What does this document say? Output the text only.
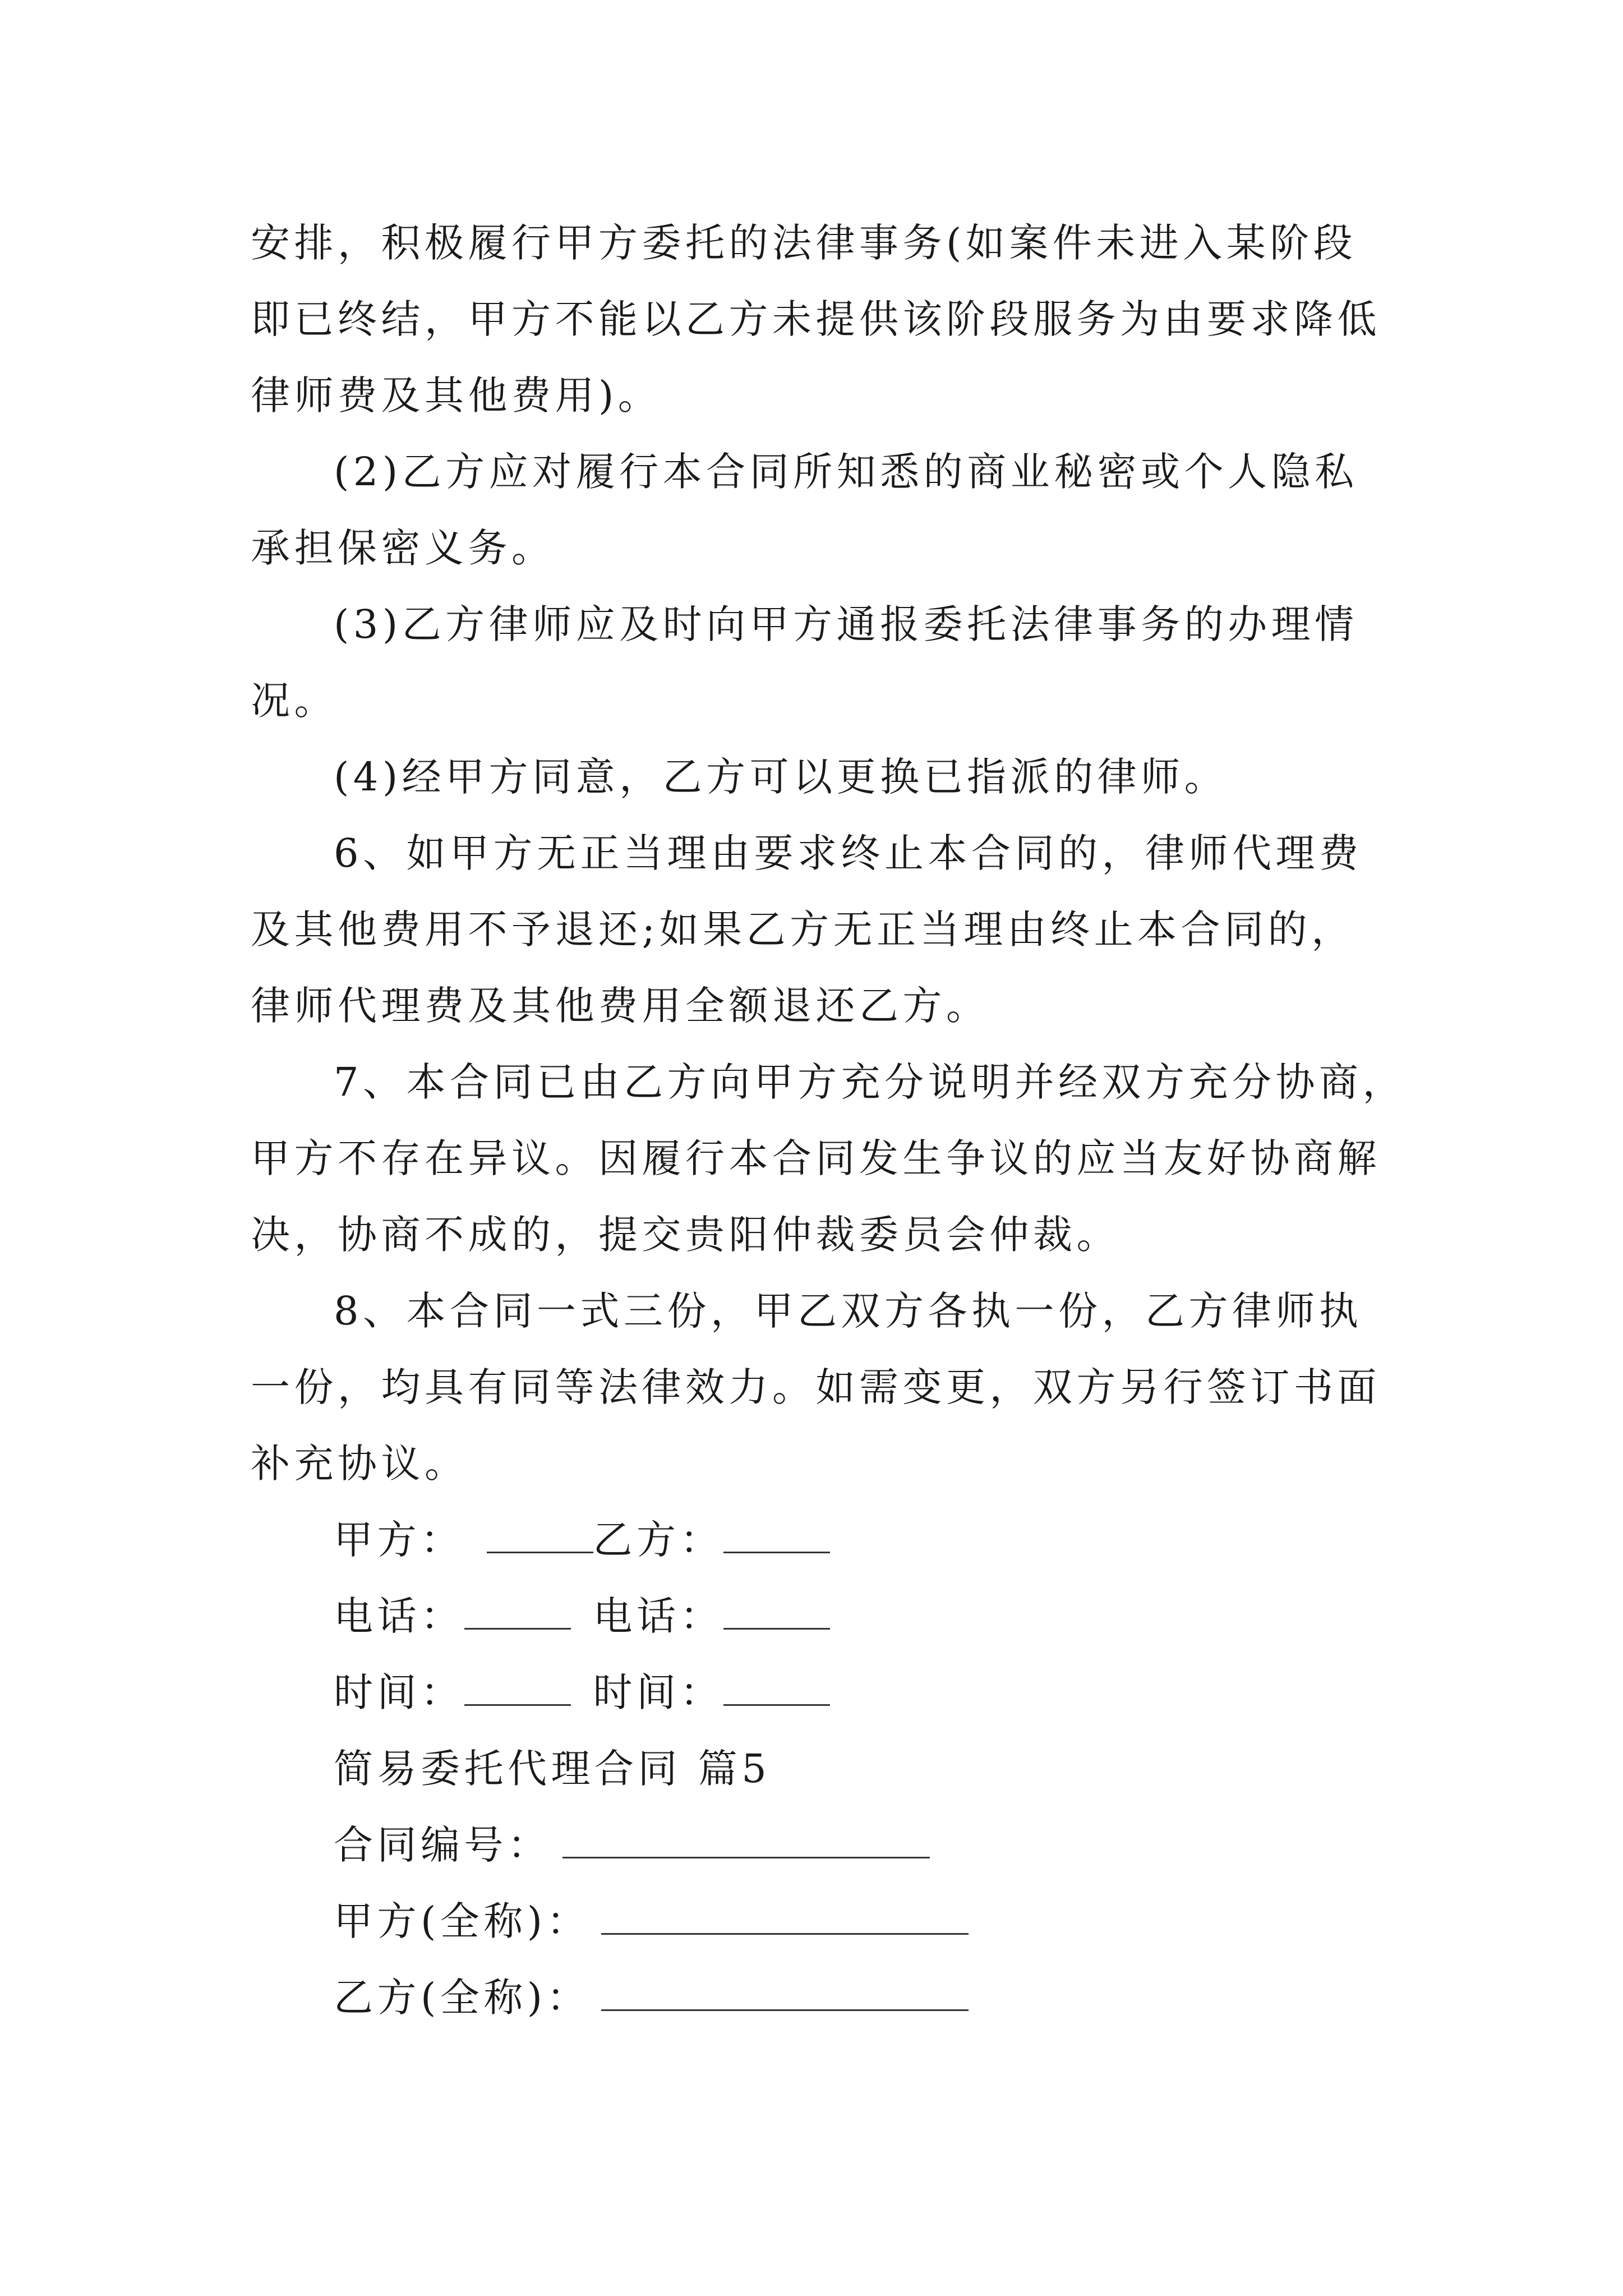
安排，积极履行甲方委托的法律事务(如案件未进入某阶段
即已终结，甲方不能以乙方未提供该阶段服务为由要求降低
律师费及其他费用)。
(2)乙方应对履行本合同所知悉的商业秘密或个人隐私
承担保密义务。
(3)乙方律师应及时向甲方通报委托法律事务的办理情
况。
(4)经甲方同意，乙方可以更换已指派的律师。
6、如甲方无正当理由要求终止本合同的，律师代理费
及其他费用不予退还;如果乙方无正当理由终止本合同的，
律师代理费及其他费用全额退还乙方。
7、本合同已由乙方向甲方充分说明并经双方充分协商，
甲方不存在异议。因履行本合同发生争议的应当友好协商解
决，协商不成的，提交贵阳仲裁委员会仲裁。
8、本合同一式三份，甲乙双方各执一份，乙方律师执
一份，均具有同等法律效力。如需变更，双方另行签订书面
补充协议。
甲方：	乙方：
电话：	电话：
时间：	时间：
简易委托代理合同 篇5
合同编号：
甲方(全称)：
乙方(全称)：
